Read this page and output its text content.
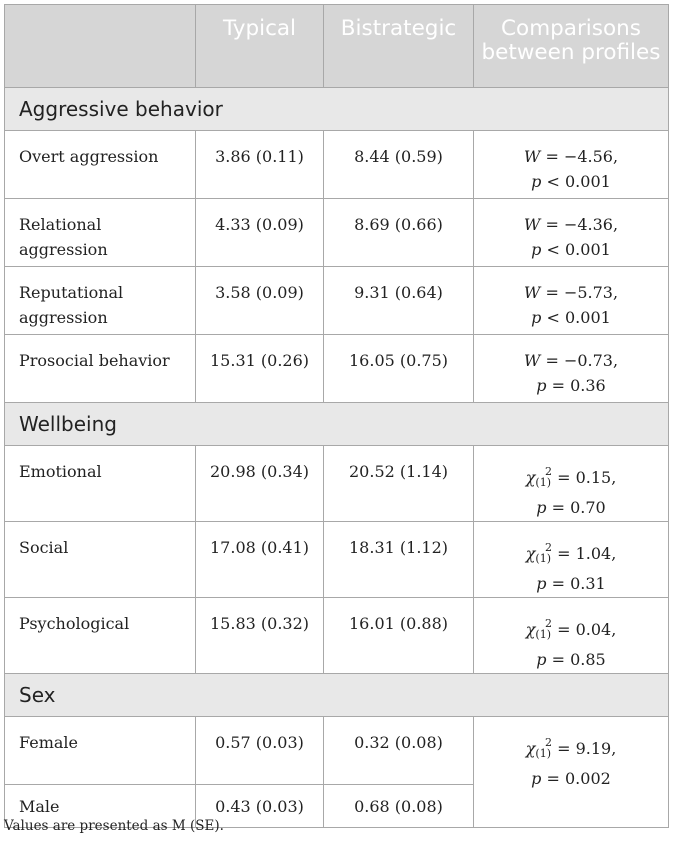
	Typical	Bistrategic	Comparisons between profiles
Aggressive behavior			
Overt aggression	3.86 (0.11)	8.44 (0.59)	W = −4.56,
p < 0.001

Relational aggression	4.33 (0.09)	8.69 (0.66)	W = −4.36,
p < 0.001

Reputational aggression	3.58 (0.09)	9.31 (0.64)	W = −5.73,
p < 0.001

Prosocial behavior	15.31 (0.26)	16.05 (0.75)	W = −0.73,
p = 0.36

Wellbeing			
Emotional	20.98 (0.34)	20.52 (1.14)	$\chi_{(1)}^2 = 0.15$,
p = 0.70

Social	17.08 (0.41)	18.31 (1.12)	$\chi_{(1)}^2 = 1.04$,
p = 0.31

Psychological	15.83 (0.32)	16.01 (0.88)	$\chi_{(1)}^2 = 0.04$,
p = 0.85

Sex			
Female	0.57 (0.03)	0.32 (0.08)	$\chi_{(1)}^2 = 9.19$,
p = 0.002

Male	0.43 (0.03)	0.68 (0.08)	
Values are presented as M (SE).
